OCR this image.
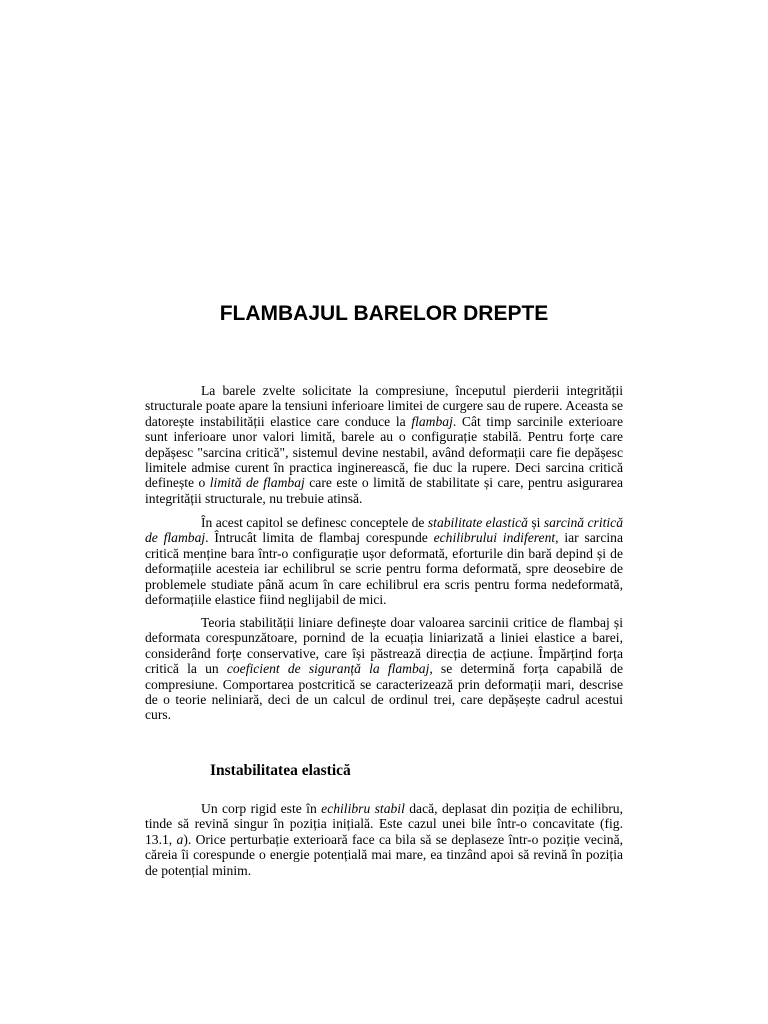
FLAMBAJUL BARELOR DREPTE

La barele zvelte solicitate la compresiune, începutul pierderii integrității structurale poate apare la tensiuni inferioare limitei de curgere sau de rupere. Aceasta se datorește instabilității elastice care conduce la flambaj. Cât timp sarcinile exterioare sunt inferioare unor valori limită, barele au o configurație stabilă. Pentru forțe care depășesc "sarcina critică", sistemul devine nestabil, având deformații care fie depășesc limitele admise curent în practica inginerească, fie duc la rupere. Deci sarcina critică definește o limită de flambaj care este o limită de stabilitate și care, pentru asigurarea integrității structurale, nu trebuie atinsă.

În acest capitol se definesc conceptele de stabilitate elastică și sarcină critică de flambaj. Întrucât limita de flambaj corespunde echilibrului indiferent, iar sarcina critică menține bara într-o configurație ușor deformată, eforturile din bară depind și de deformațiile acesteia iar echilibrul se scrie pentru forma deformată, spre deosebire de problemele studiate până acum în care echilibrul era scris pentru forma nedeformată, deformațiile elastice fiind neglijabil de mici.

Teoria stabilității liniare definește doar valoarea sarcinii critice de flambaj și deformata corespunzătoare, pornind de la ecuația liniarizată a liniei elastice a barei, considerând forțe conservative, care își păstrează direcția de acțiune. Împărțind forța critică la un coeficient de siguranță la flambaj, se determină forța capabilă de compresiune. Comportarea postcritică se caracterizează prin deformații mari, descrise de o teorie neliniară, deci de un calcul de ordinul trei, care depășește cadrul acestui curs.

Instabilitatea elastică

Un corp rigid este în echilibru stabil dacă, deplasat din poziția de echilibru, tinde să revină singur în poziția inițială. Este cazul unei bile într-o concavitate (fig. 13.1, a). Orice perturbație exterioară face ca bila să se deplaseze într-o poziție vecină, căreia îi corespunde o energie potențială mai mare, ea tinzând apoi să revină în poziția de potențial minim.
